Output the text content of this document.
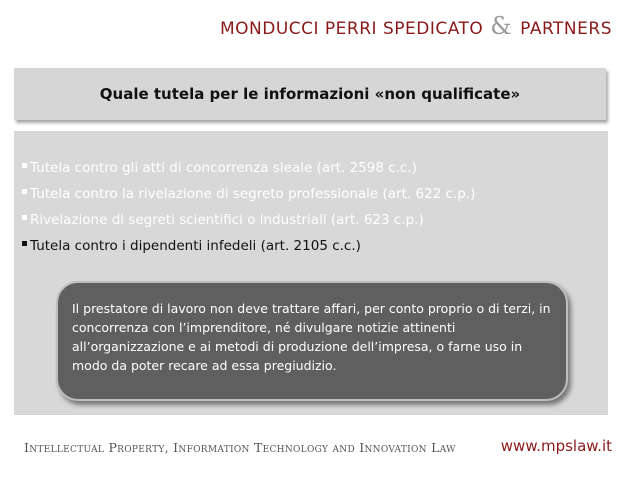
MONDUCCI PERRI SPEDICATO & PARTNERS
Quale tutela per le informazioni «non qualificate»
Tutela contro gli atti di concorrenza sleale (art. 2598 c.c.)
Tutela contro la rivelazione di segreto professionale (art. 622 c.p.)
Rivelazione di segreti scientifici o industriali (art. 623 c.p.)
Tutela contro i dipendenti infedeli (art. 2105 c.c.)

Il prestatore di lavoro non deve trattare affari, per conto proprio o di terzi, in concorrenza con l’imprenditore, né divulgare notizie attinenti all’organizzazione e ai metodi di produzione dell’impresa, o farne uso in modo da poter recare ad essa pregiudizio.

Intellectual Property, Information Technology and Innovation Law	www.mpslaw.it
